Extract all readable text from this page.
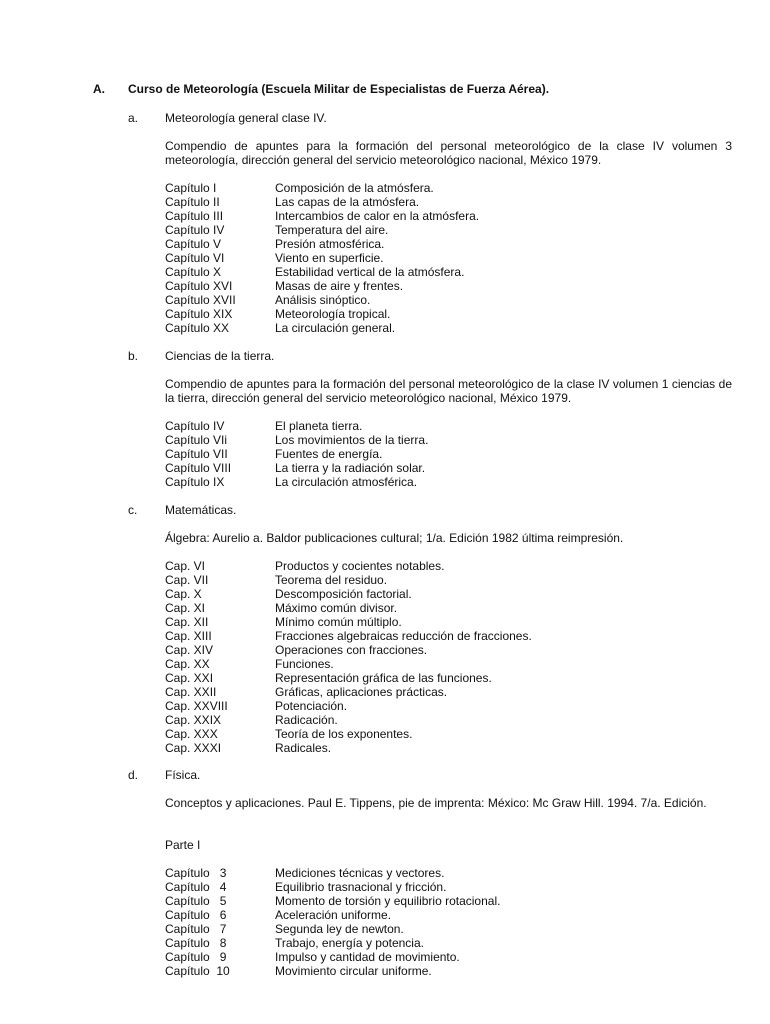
A. Curso de Meteorología (Escuela Militar de Especialistas de Fuerza Aérea).
a. Meteorología general clase IV.
Compendio de apuntes para la formación del personal meteorológico de la clase IV volumen 3 meteorología, dirección general del servicio meteorológico nacional, México 1979.
Capítulo I	Composición de la atmósfera.
Capítulo II	Las capas de la atmósfera.
Capítulo III	Intercambios de calor en la atmósfera.
Capítulo IV	Temperatura del aire.
Capítulo V	Presión atmosférica.
Capítulo VI	Viento en superficie.
Capítulo X	Estabilidad vertical de la atmósfera.
Capítulo XVI	Masas de aire y frentes.
Capítulo XVII	Análisis sinóptico.
Capítulo XIX	Meteorología tropical.
Capítulo XX	La circulación general.
b. Ciencias de la tierra.
Compendio de apuntes para la formación del personal meteorológico de la clase IV volumen 1 ciencias de la tierra, dirección general del servicio meteorológico nacional, México 1979.
Capítulo IV	El planeta tierra.
Capítulo VIi	Los movimientos de la tierra.
Capítulo VII	Fuentes de energía.
Capítulo VIII	La tierra y la radiación solar.
Capítulo IX	La circulación atmosférica.
c. Matemáticas.
Álgebra: Aurelio a. Baldor publicaciones cultural; 1/a. Edición 1982 última reimpresión.
Cap. VI	Productos y cocientes notables.
Cap. VII	Teorema del residuo.
Cap. X	Descomposición factorial.
Cap. XI	Máximo común divisor.
Cap. XII	Mínimo común múltiplo.
Cap. XIII	Fracciones algebraicas reducción de fracciones.
Cap. XIV	Operaciones con fracciones.
Cap. XX	Funciones.
Cap. XXI	Representación gráfica de las funciones.
Cap. XXII	Gráficas, aplicaciones prácticas.
Cap. XXVIII	Potenciación.
Cap. XXIX	Radicación.
Cap. XXX	Teoría de los exponentes.
Cap. XXXI	Radicales.
d. Física.
Conceptos y aplicaciones. Paul E. Tippens, pie de imprenta: México: Mc Graw Hill. 1994. 7/a. Edición.
Parte I
Capítulo   3	Mediciones técnicas y vectores.
Capítulo   4	Equilibrio trasnacional y fricción.
Capítulo   5	Momento de torsión y equilibrio rotacional.
Capítulo   6	Aceleración uniforme.
Capítulo   7	Segunda ley de newton.
Capítulo   8	Trabajo, energía y potencia.
Capítulo   9	Impulso y cantidad de movimiento.
Capítulo  10	Movimiento circular uniforme.
